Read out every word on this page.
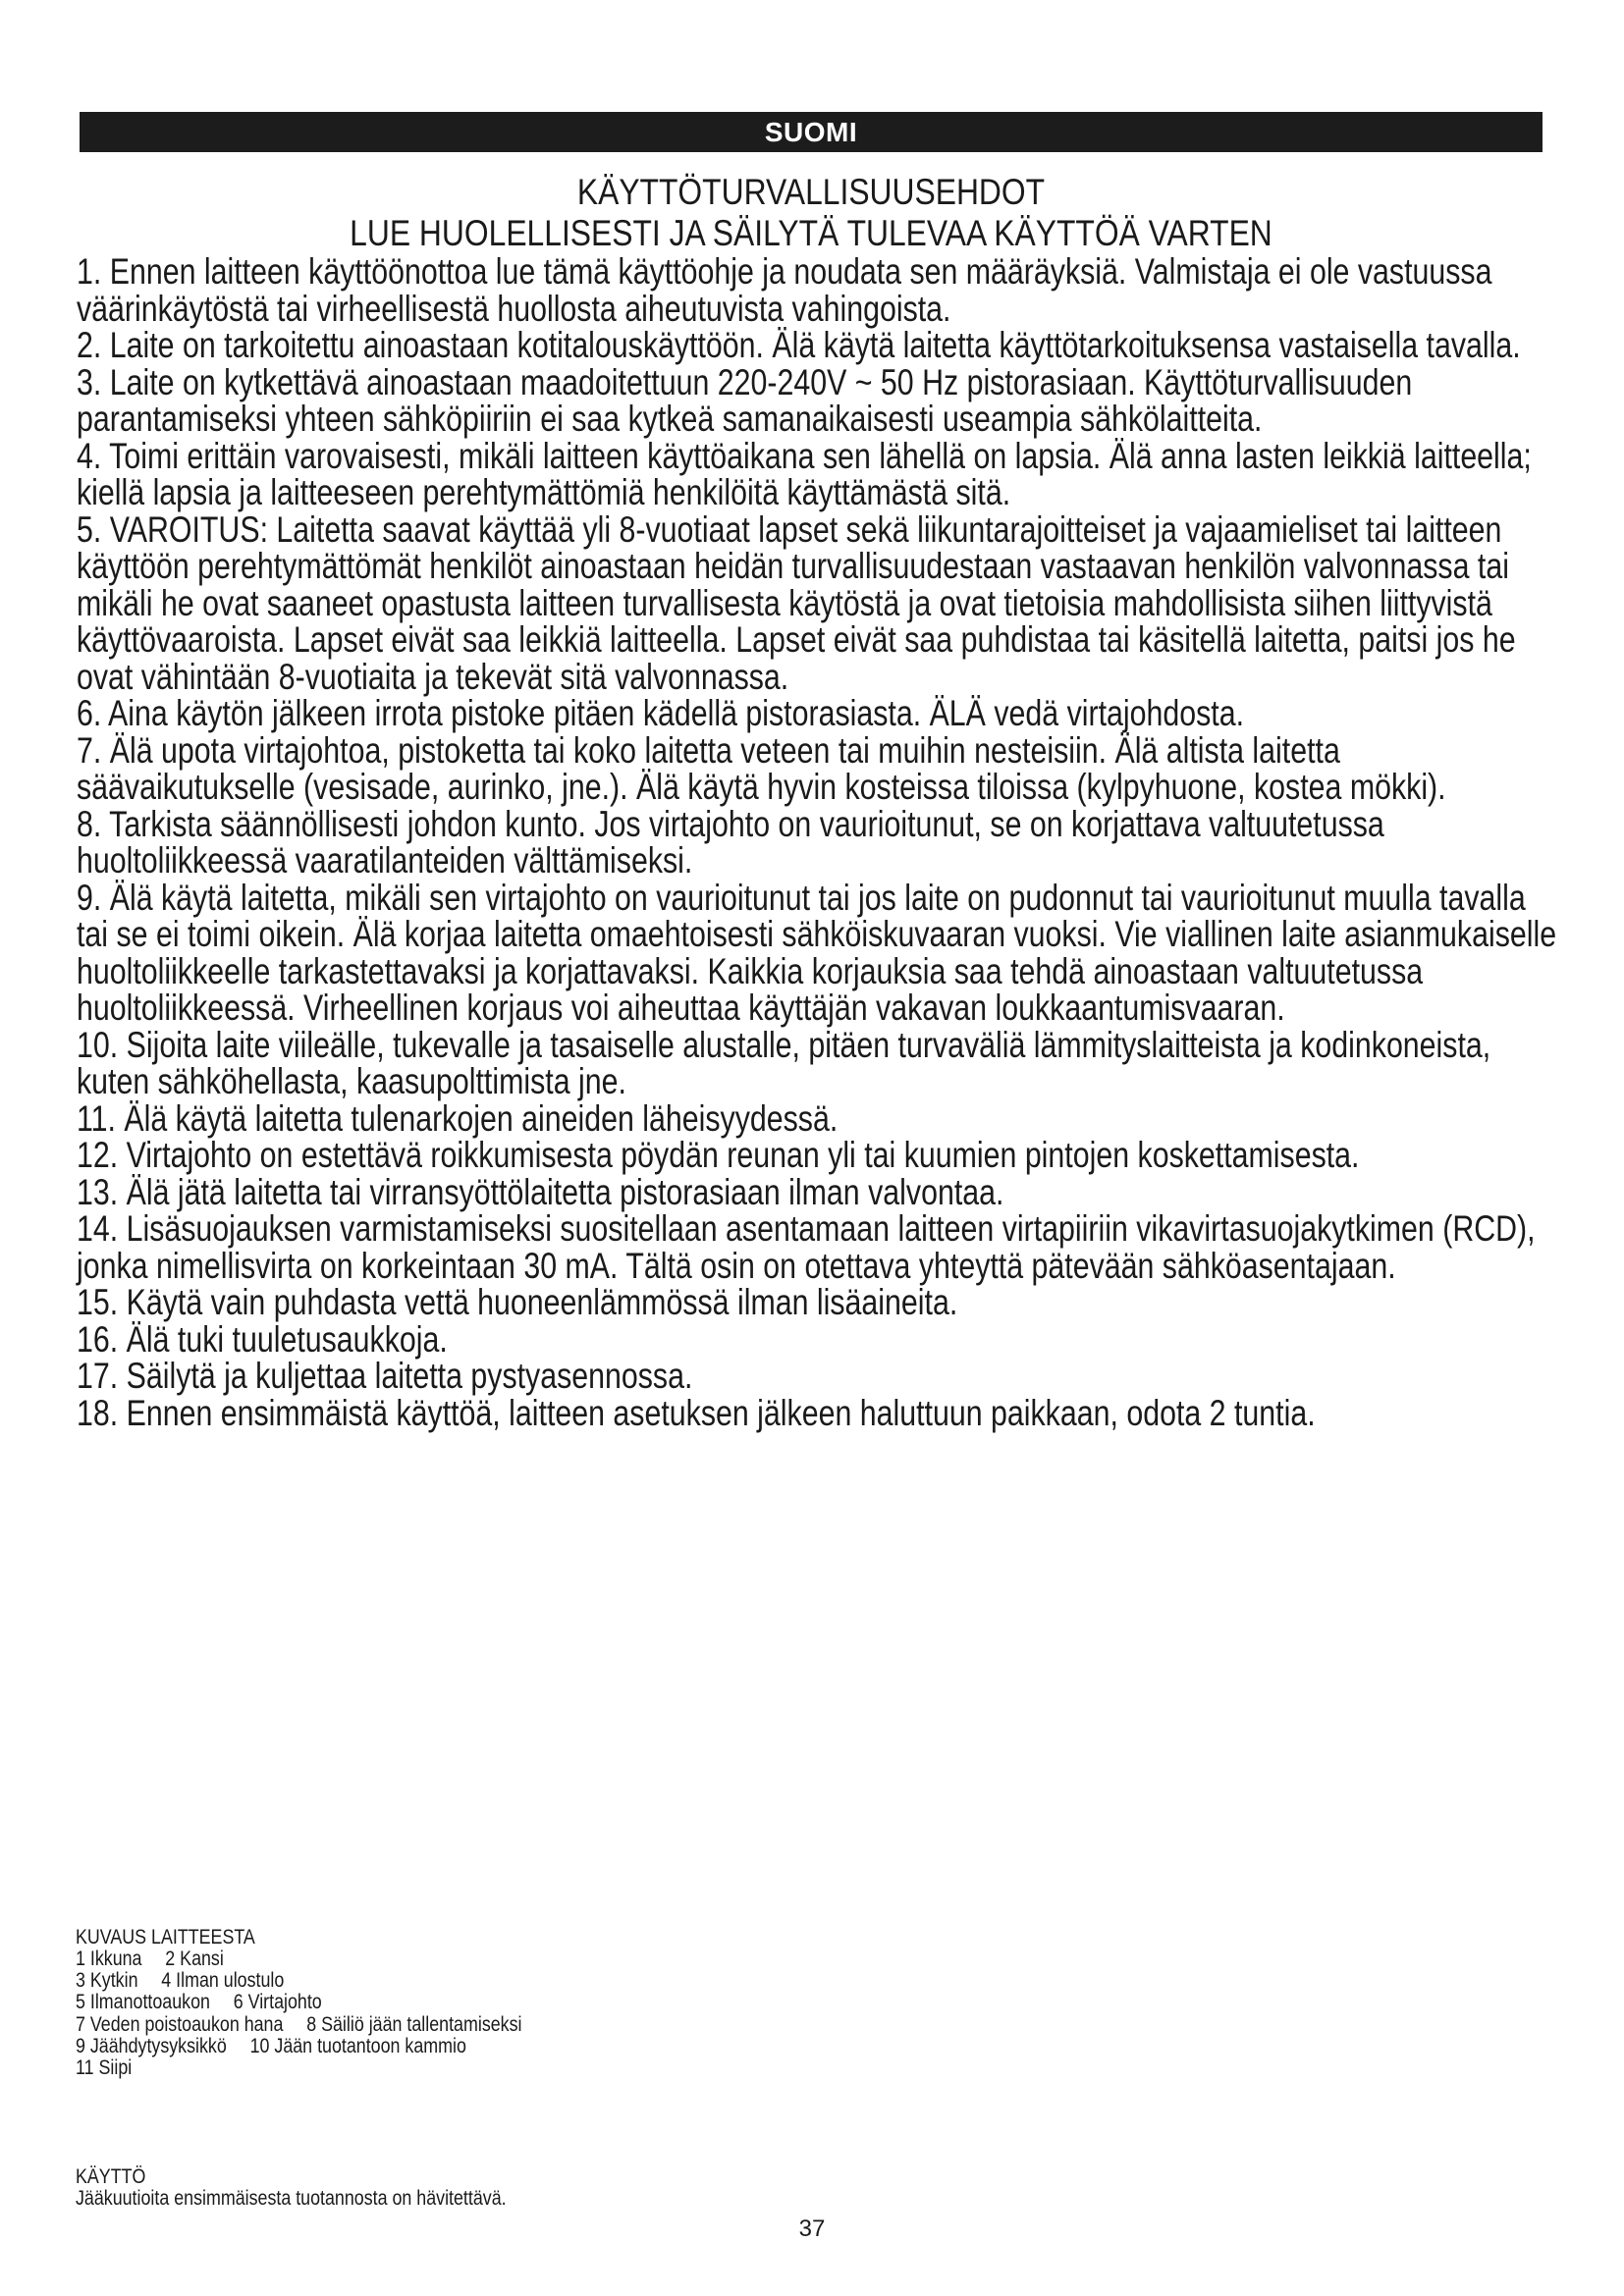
SUOMI
KÄYTTÖTURVALLISUUSEHDOT
LUE HUOLELLISESTI JA SÄILYTÄ TULEVAA KÄYTTÖÄ VARTEN
1. Ennen laitteen käyttöönottoa lue tämä käyttöohje ja noudata sen määräyksiä. Valmistaja ei ole vastuussa väärinkäytöstä tai virheellisestä huollosta aiheutuvista vahingoista.
2. Laite on tarkoitettu ainoastaan kotitalouskäyttöön. Älä käytä laitetta käyttötarkoituksensa vastaisella tavalla.
3. Laite on kytkettävä ainoastaan maadoitettuun 220-240V ~ 50 Hz pistorasiaan. Käyttöturvallisuuden parantamiseksi yhteen sähköpiiriin ei saa kytkeä samanaikaisesti useampia sähkölaitteita.
4. Toimi erittäin varovaisesti, mikäli laitteen käyttöaikana sen lähellä on lapsia. Älä anna lasten leikkiä laitteella; kiellä lapsia ja laitteeseen perehtymättömiä henkilöitä käyttämästä sitä.
5. VAROITUS: Laitetta saavat käyttää yli 8-vuotiaat lapset sekä liikuntarajoitteiset ja vajaamieliset tai laitteen käyttöön perehtymättömät henkilöt ainoastaan heidän turvallisuudestaan vastaavan henkilön valvonnassa tai mikäli he ovat saaneet opastusta laitteen turvallisesta käytöstä ja ovat tietoisia mahdollisista siihen liittyvistä käyttövaaroista. Lapset eivät saa leikkiä laitteella. Lapset eivät saa puhdistaa tai käsitellä laitetta, paitsi jos he ovat vähintään 8-vuotiaita ja tekevät sitä valvonnassa.
6. Aina käytön jälkeen irrota pistoke pitäen kädellä pistorasiasta. ÄLÄ vedä virtajohdosta.
7. Älä upota virtajohtoa, pistoketta tai koko laitetta veteen tai muihin nesteisiin. Älä altista laitetta säävaikutukselle (vesisade, aurinko, jne.). Älä käytä hyvin kosteissa tiloissa (kylpyhuone, kostea mökki).
8. Tarkista säännöllisesti johdon kunto. Jos virtajohto on vaurioitunut, se on korjattava valtuutetussa huoltoliikkeessä vaaratilanteiden välttämiseksi.
9. Älä käytä laitetta, mikäli sen virtajohto on vaurioitunut tai jos laite on pudonnut tai vaurioitunut muulla tavalla tai se ei toimi oikein. Älä korjaa laitetta omaehtoisesti sähköiskuvaaran vuoksi. Vie viallinen laite asianmukaiselle huoltoliikkeelle tarkastettavaksi ja korjattavaksi. Kaikkia korjauksia saa tehdä ainoastaan valtuutetussa huoltoliikkeessä. Virheellinen korjaus voi aiheuttaa käyttäjän vakavan loukkaantumisvaaran.
10. Sijoita laite viileälle, tukevalle ja tasaiselle alustalle, pitäen turvaväliä lämmityslaitteista ja kodinkoneista, kuten sähköhellasta, kaasupolttimista jne.
11. Älä käytä laitetta tulenarkojen aineiden läheisyydessä.
12. Virtajohto on estettävä roikkumisesta pöydän reunan yli tai kuumien pintojen koskettamisesta.
13. Älä jätä laitetta tai virransyöttölaitetta pistorasiaan ilman valvontaa.
14. Lisäsuojauksen varmistamiseksi suositellaan asentamaan laitteen virtapiiriin vikavirtasuojakytkimen (RCD), jonka nimellisvirta on korkeintaan 30 mA. Tältä osin on otettava yhteyttä pätevään sähköasentajaan.
15. Käytä vain puhdasta vettä huoneenlämmössä ilman lisäaineita.
16. Älä tuki tuuletusaukkoja.
17. Säilytä ja kuljettaa laitetta pystyasennossa.
18. Ennen ensimmäistä käyttöä, laitteen asetuksen jälkeen haluttuun paikkaan, odota 2 tuntia.
KUVAUS LAITTEESTA
1 Ikkuna 2 Kansi
3 Kytkin 4 Ilman ulostulo
5 Ilmanottoaukon 6 Virtajohto
7 Veden poistoaukon hana 8 Säiliö jään tallentamiseksi
9 Jäähdytysyksikkö 10 Jään tuotantoon kammio
11 Siipi
KÄYTTÖ
Jääkuutioita ensimmäisesta tuotannosta on hävitettävä.
37
